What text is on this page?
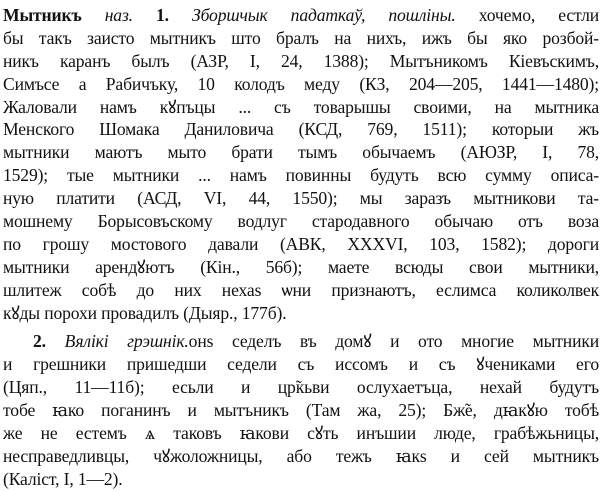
Мытникъ наз. 1. Зборшчык падаткаў, пошліны. хочемо, естли
бы такъ заисто мытникъ што бралъ на нихъ, ижъ бы яко розбой-
никъ каранъ былъ (АЗР, I, 24, 1388); Мытъникомъ Кіевъскимъ,
Симъсе а Рабичъку, 10 колодъ меду (КЗ, 204—205, 1441—1480);
Жаловали намъ кꙋпъцы ... съ товарышы своими, на мытника
Менского Шомака Даниловича (КСД, 769, 1511); которыи жъ
мытники маютъ мыто брати тымъ обычаемъ (АЮЗР, I, 78,
1529); тые мытники ... намъ повинны будуть всю сумму описа-
ную платити (АСД, VI, 44, 1550); мы заразъ мытникови та-
мошнему Борысовъскому водлуг стародавного обычаю отъ воза
по грошу мостового давали (АВК, XXXVI, 103, 1582); дороги
мытники арендꙋютъ (Кін., 56б); маете всюды свои мытники,
шлитеж собѣ до них нехаѕ ѡни признаютъ, еслимса коликолвек
кꙋды порохи провадилъ (Дыяр., 177б).
2. Вялікі грэшнік.онѕ седелъ въ домꙋ и ото многие мытники
и грешники пришедши седели съ иссомъ и съ ꙋчениками его
(Цяп., 11—11б); есьли и цр̃кьви ослухаетъца, нехай будутъ
тобе ꙗко поганинъ и мытъникъ (Там жа, 25); Бж̃е, дꙗкꙋю тобѣ
же не естемъ ѧ таковъ ꙗкови сꙋть инъшии люде, грабѣжьницы,
несправедливцы, чꙋжоложницы, або тежъ ꙗкѕ и сей мытникъ
(Каліст, I, 1—2).
